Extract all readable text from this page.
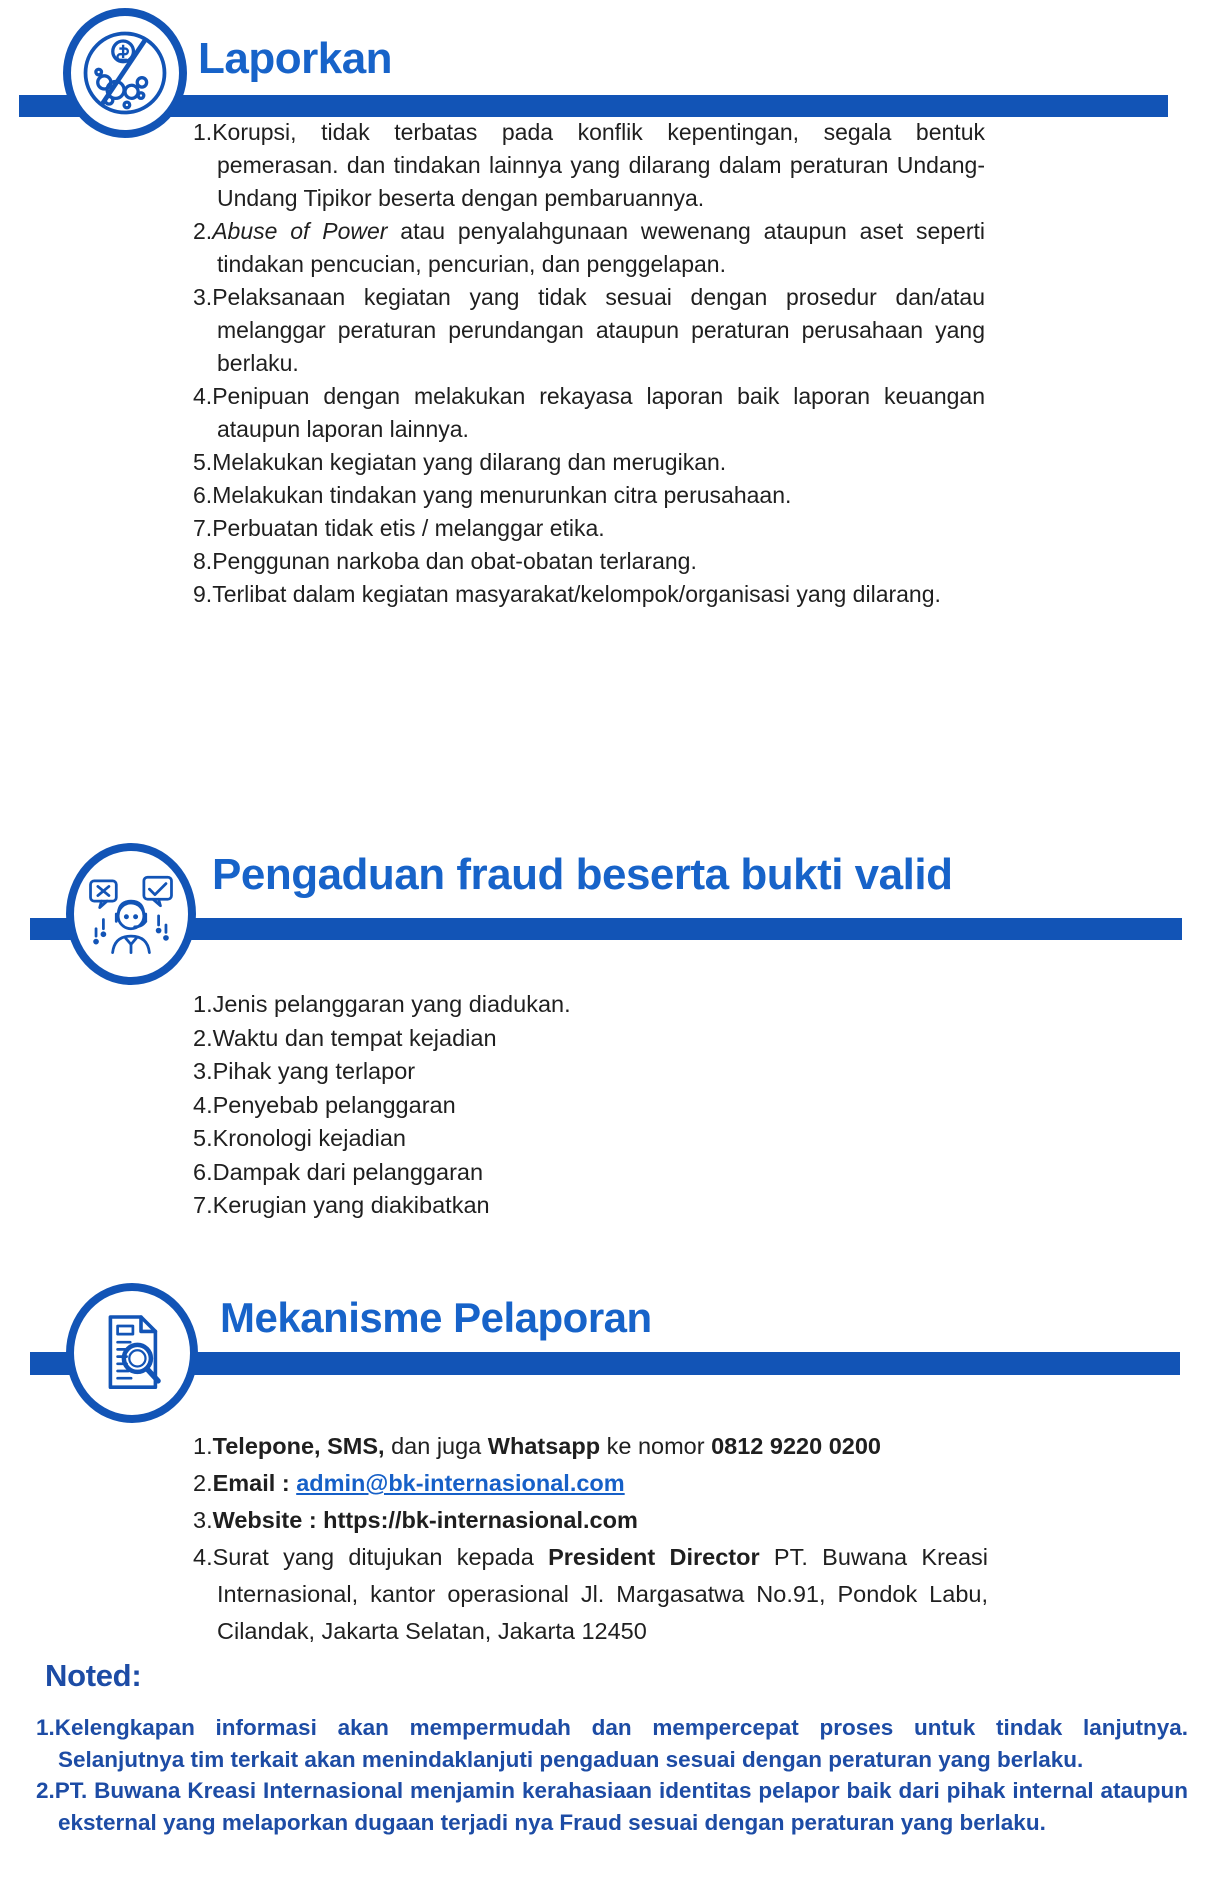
Laporkan
1.Korupsi, tidak terbatas pada konflik kepentingan, segala bentuk pemerasan. dan tindakan lainnya yang dilarang dalam peraturan Undang- Undang Tipikor beserta dengan pembaruannya.
2.Abuse of Power atau penyalahgunaan wewenang ataupun aset seperti tindakan pencucian, pencurian, dan penggelapan.
3.Pelaksanaan kegiatan yang tidak sesuai dengan prosedur dan/atau melanggar peraturan perundangan ataupun peraturan perusahaan yang berlaku.
4.Penipuan dengan melakukan rekayasa laporan baik laporan keuangan ataupun laporan lainnya.
5.Melakukan kegiatan yang dilarang dan merugikan.
6.Melakukan tindakan yang menurunkan citra perusahaan.
7.Perbuatan tidak etis / melanggar etika.
8.Penggunan narkoba dan obat-obatan terlarang.
9.Terlibat dalam kegiatan masyarakat/kelompok/organisasi yang dilarang.
Pengaduan fraud beserta bukti valid
1.Jenis pelanggaran yang diadukan.
2.Waktu dan tempat kejadian
3.Pihak yang terlapor
4.Penyebab pelanggaran
5.Kronologi kejadian
6.Dampak dari pelanggaran
7.Kerugian yang diakibatkan
Mekanisme Pelaporan
1.Telepone, SMS, dan juga Whatsapp ke nomor 0812 9220 0200
2.Email : admin@bk-internasional.com
3.Website : https://bk-internasional.com
4.Surat yang ditujukan kepada President Director PT. Buwana Kreasi Internasional, kantor operasional Jl. Margasatwa No.91, Pondok Labu, Cilandak, Jakarta Selatan, Jakarta 12450
Noted:
1.Kelengkapan informasi akan mempermudah dan mempercepat proses untuk tindak lanjutnya. Selanjutnya tim terkait akan menindaklanjuti pengaduan sesuai dengan peraturan yang berlaku.
2.PT. Buwana Kreasi Internasional menjamin kerahasiaan identitas pelapor baik dari pihak internal ataupun eksternal yang melaporkan dugaan terjadi nya Fraud sesuai dengan peraturan yang berlaku.
